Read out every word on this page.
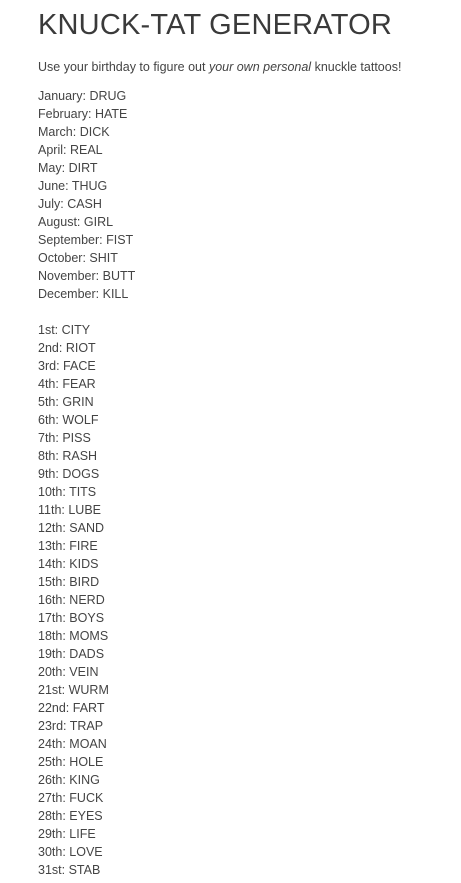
KNUCK-TAT GENERATOR

Use your birthday to figure out your own personal knuckle tattoos!

January: DRUG
February: HATE
March: DICK
April: REAL
May: DIRT
June: THUG
July: CASH
August: GIRL
September: FIST
October: SHIT
November: BUTT
December: KILL
1st: CITY
2nd: RIOT
3rd: FACE
4th: FEAR
5th: GRIN
6th: WOLF
7th: PISS
8th: RASH
9th: DOGS
10th: TITS
11th: LUBE
12th: SAND
13th: FIRE
14th: KIDS
15th: BIRD
16th: NERD
17th: BOYS
18th: MOMS
19th: DADS
20th: VEIN
21st: WURM
22nd: FART
23rd: TRAP
24th: MOAN
25th: HOLE
26th: KING
27th: FUCK
28th: EYES
29th: LIFE
30th: LOVE
31st: STAB
